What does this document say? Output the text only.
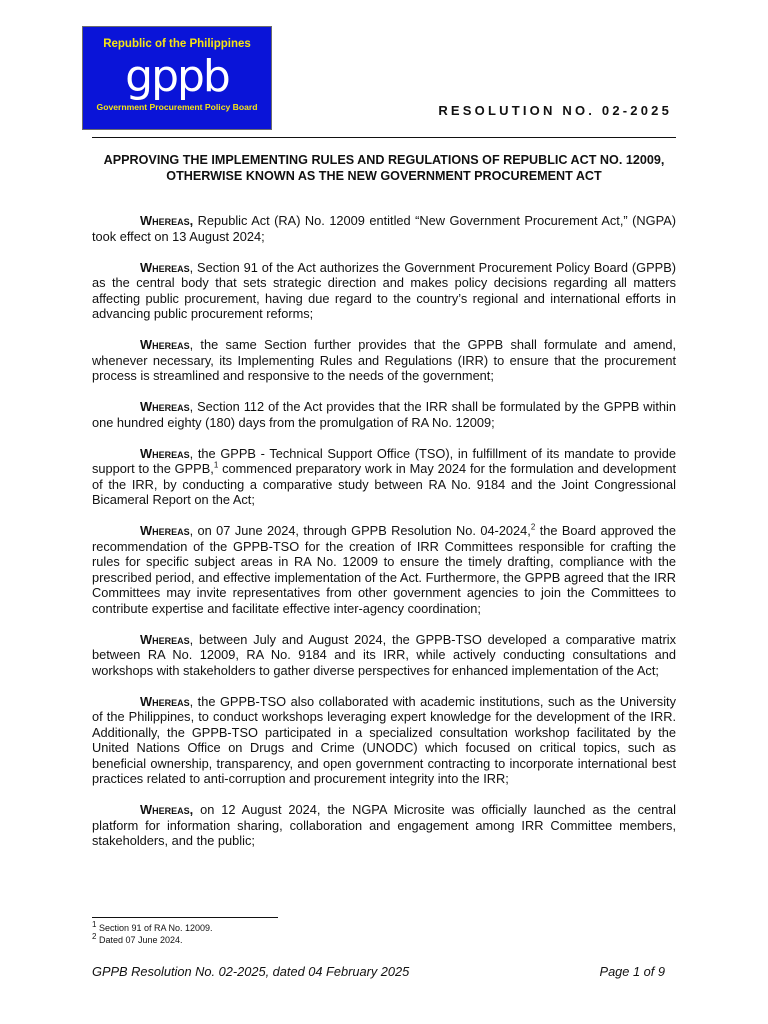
Republic of the Philippines
gppb
Government Procurement Policy Board	RESOLUTION NO. 02-2025
APPROVING THE IMPLEMENTING RULES AND REGULATIONS OF REPUBLIC ACT NO. 12009, OTHERWISE KNOWN AS THE NEW GOVERNMENT PROCUREMENT ACT

Whereas, Republic Act (RA) No. 12009 entitled “New Government Procurement Act,” (NGPA) took effect on 13 August 2024;

Whereas, Section 91 of the Act authorizes the Government Procurement Policy Board (GPPB) as the central body that sets strategic direction and makes policy decisions regarding all matters affecting public procurement, having due regard to the country’s regional and international efforts in advancing public procurement reforms;

Whereas, the same Section further provides that the GPPB shall formulate and amend, whenever necessary, its Implementing Rules and Regulations (IRR) to ensure that the procurement process is streamlined and responsive to the needs of the government;

Whereas, Section 112 of the Act provides that the IRR shall be formulated by the GPPB within one hundred eighty (180) days from the promulgation of RA No. 12009;

Whereas, the GPPB - Technical Support Office (TSO), in fulfillment of its mandate to provide support to the GPPB,$^1$ commenced preparatory work in May 2024 for the formulation and development of the IRR, by conducting a comparative study between RA No. 9184 and the Joint Congressional Bicameral Report on the Act;

Whereas, on 07 June 2024, through GPPB Resolution No. 04-2024,$^2$ the Board approved the recommendation of the GPPB-TSO for the creation of IRR Committees responsible for crafting the rules for specific subject areas in RA No. 12009 to ensure the timely drafting, compliance with the prescribed period, and effective implementation of the Act. Furthermore, the GPPB agreed that the IRR Committees may invite representatives from other government agencies to join the Committees to contribute expertise and facilitate effective inter-agency coordination;

Whereas, between July and August 2024, the GPPB-TSO developed a comparative matrix between RA No. 12009, RA No. 9184 and its IRR, while actively conducting consultations and workshops with stakeholders to gather diverse perspectives for enhanced implementation of the Act;

Whereas, the GPPB-TSO also collaborated with academic institutions, such as the University of the Philippines, to conduct workshops leveraging expert knowledge for the development of the IRR. Additionally, the GPPB-TSO participated in a specialized consultation workshop facilitated by the United Nations Office on Drugs and Crime (UNODC) which focused on critical topics, such as beneficial ownership, transparency, and open government contracting to incorporate international best practices related to anti-corruption and procurement integrity into the IRR;

Whereas, on 12 August 2024, the NGPA Microsite was officially launched as the central platform for information sharing, collaboration and engagement among IRR Committee members, stakeholders, and the public;

$^1$ Section 91 of RA No. 12009.
$^2$ Dated 07 June 2024.
GPPB Resolution No. 02-2025, dated 04 February 2025	Page 1 of 9
